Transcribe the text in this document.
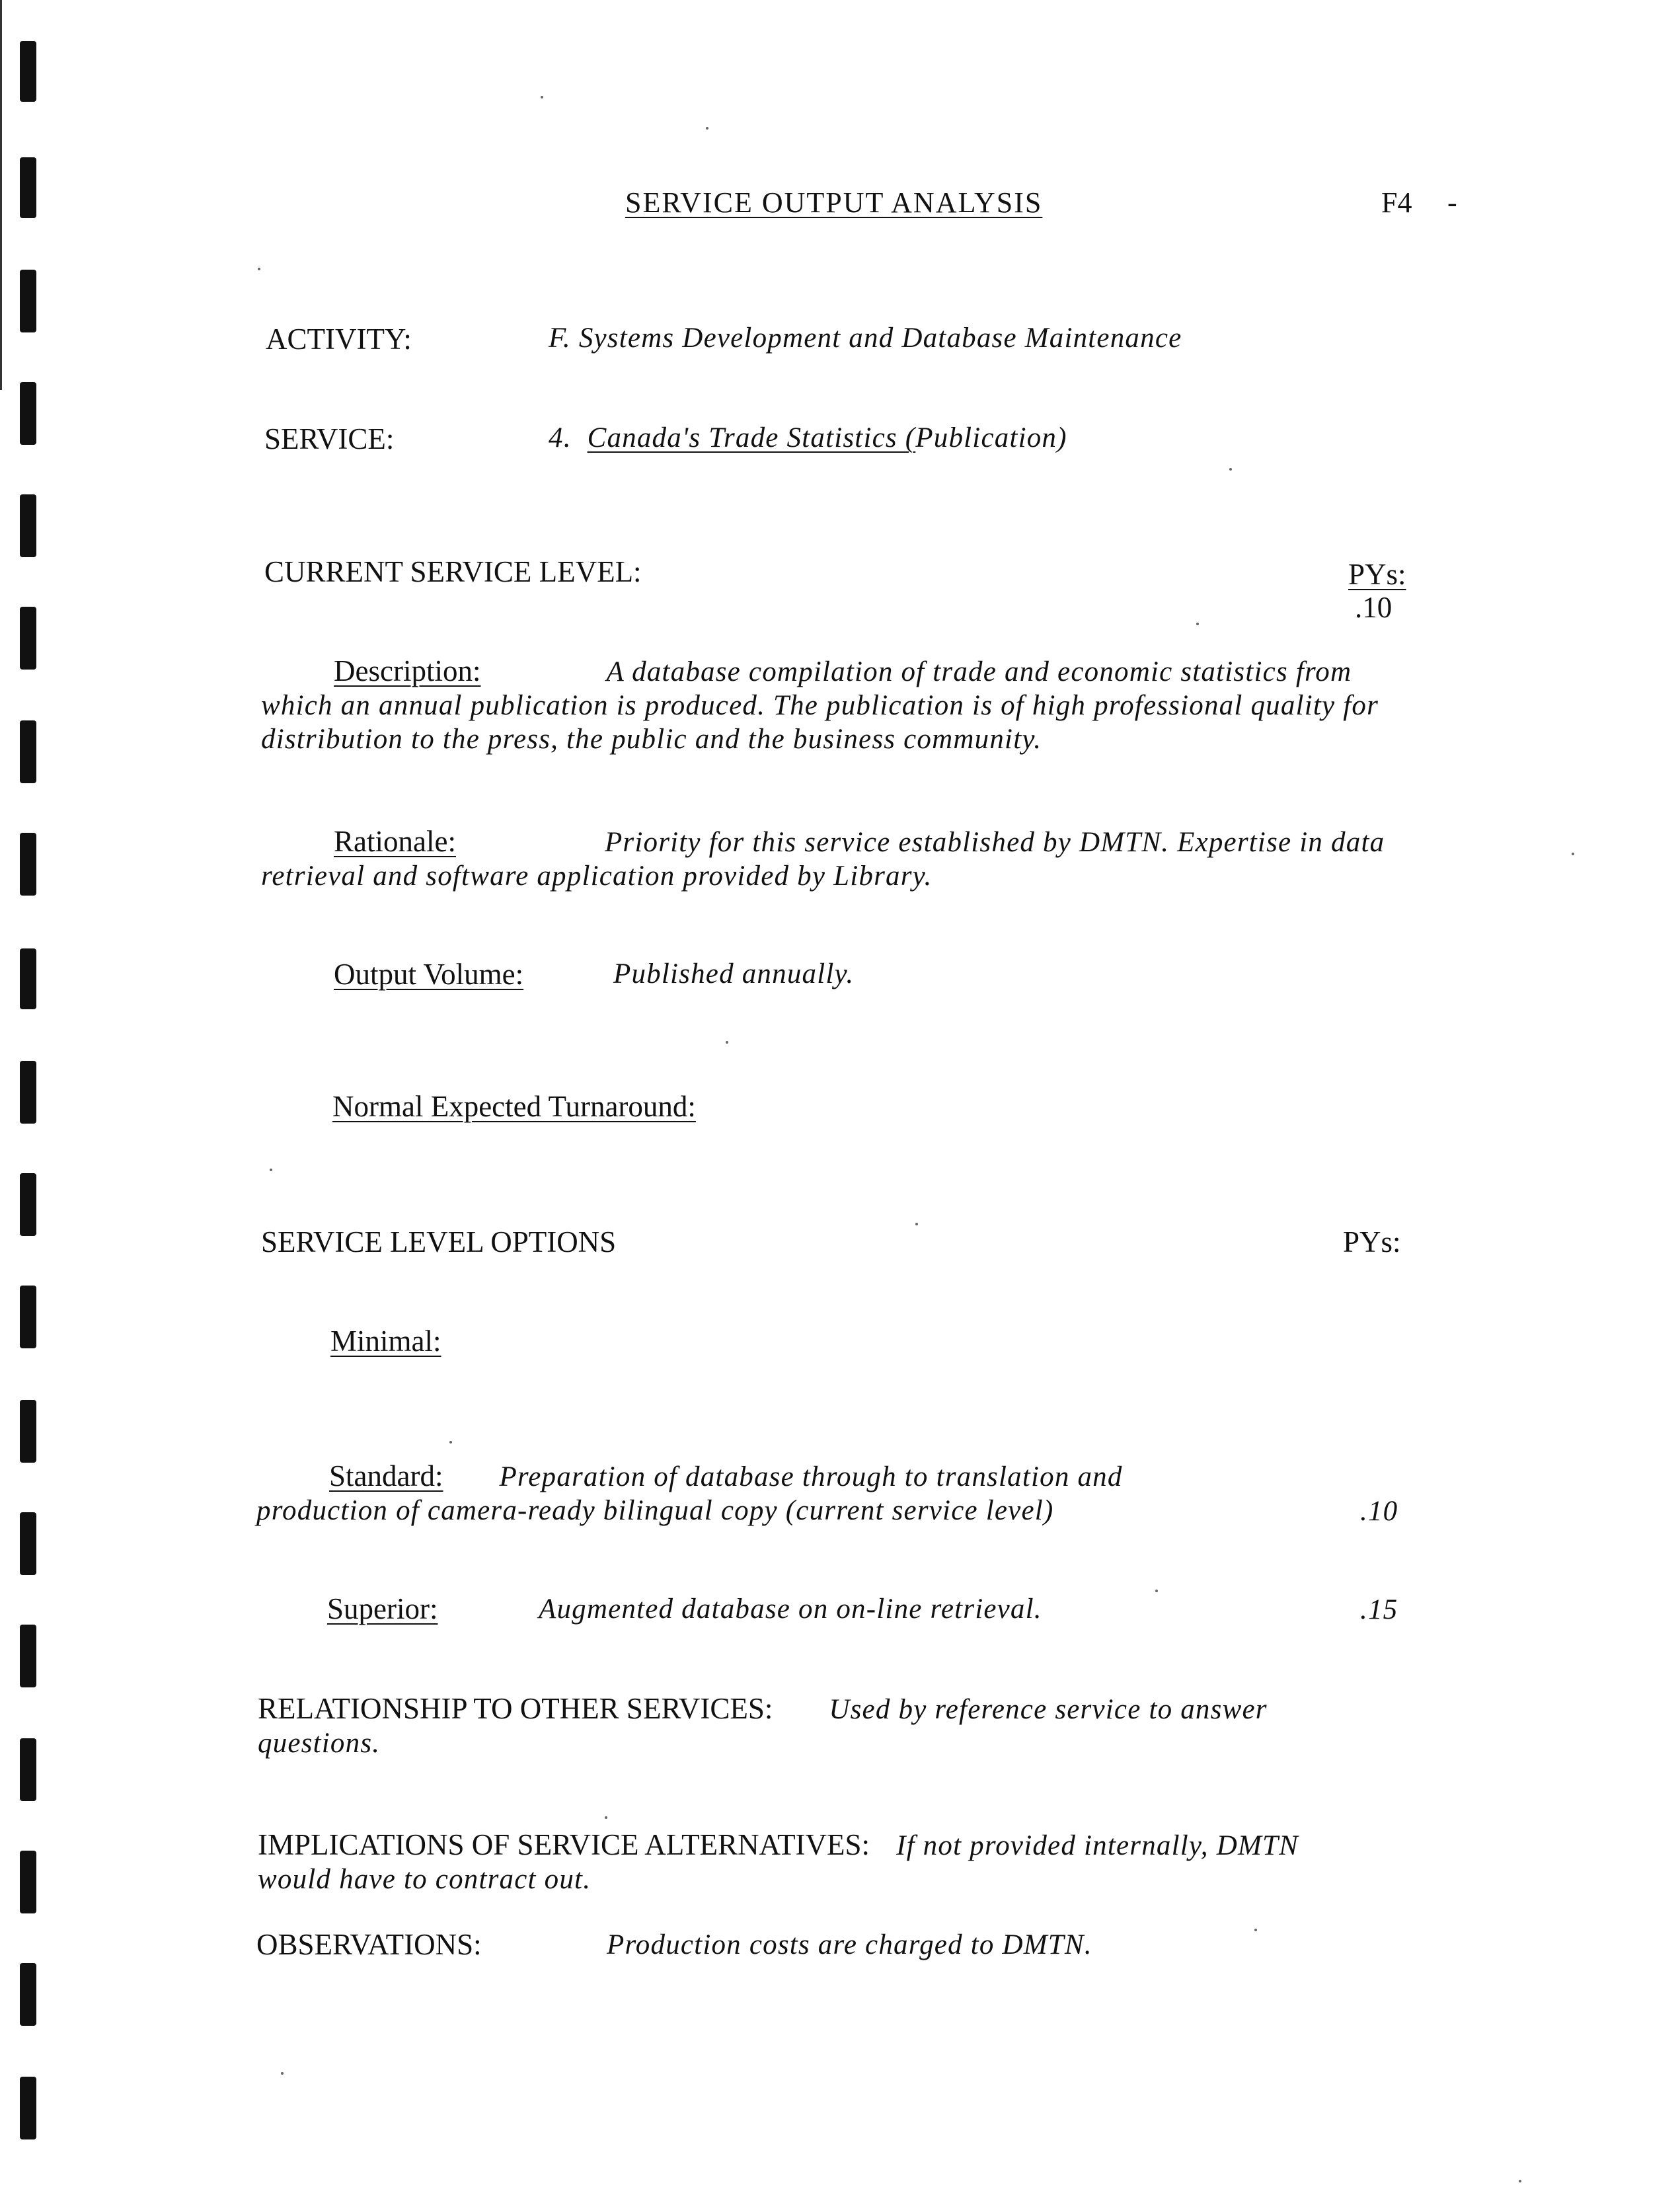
SERVICE OUTPUT ANALYSIS	F4 -
ACTIVITY:	F. Systems Development and Database Maintenance
SERVICE:	4. Canada's Trade Statistics (Publication)
CURRENT SERVICE LEVEL:	PYs:
.10
Description:	A database compilation of trade and economic statistics from which an annual publication is produced. The publication is of high professional quality for distribution to the press, the public and the business community.
Rationale:	Priority for this service established by DMTN. Expertise in data retrieval and software application provided by Library.
Output Volume:	Published annually.
Normal Expected Turnaround:
SERVICE LEVEL OPTIONS	PYs:
Minimal:
Standard: Preparation of database through to translation and production of camera-ready bilingual copy (current service level)	.10
Superior:	Augmented database on on-line retrieval.	.15
RELATIONSHIP TO OTHER SERVICES: Used by reference service to answer questions.
IMPLICATIONS OF SERVICE ALTERNATIVES: If not provided internally, DMTN would have to contract out.
OBSERVATIONS:	Production costs are charged to DMTN.
